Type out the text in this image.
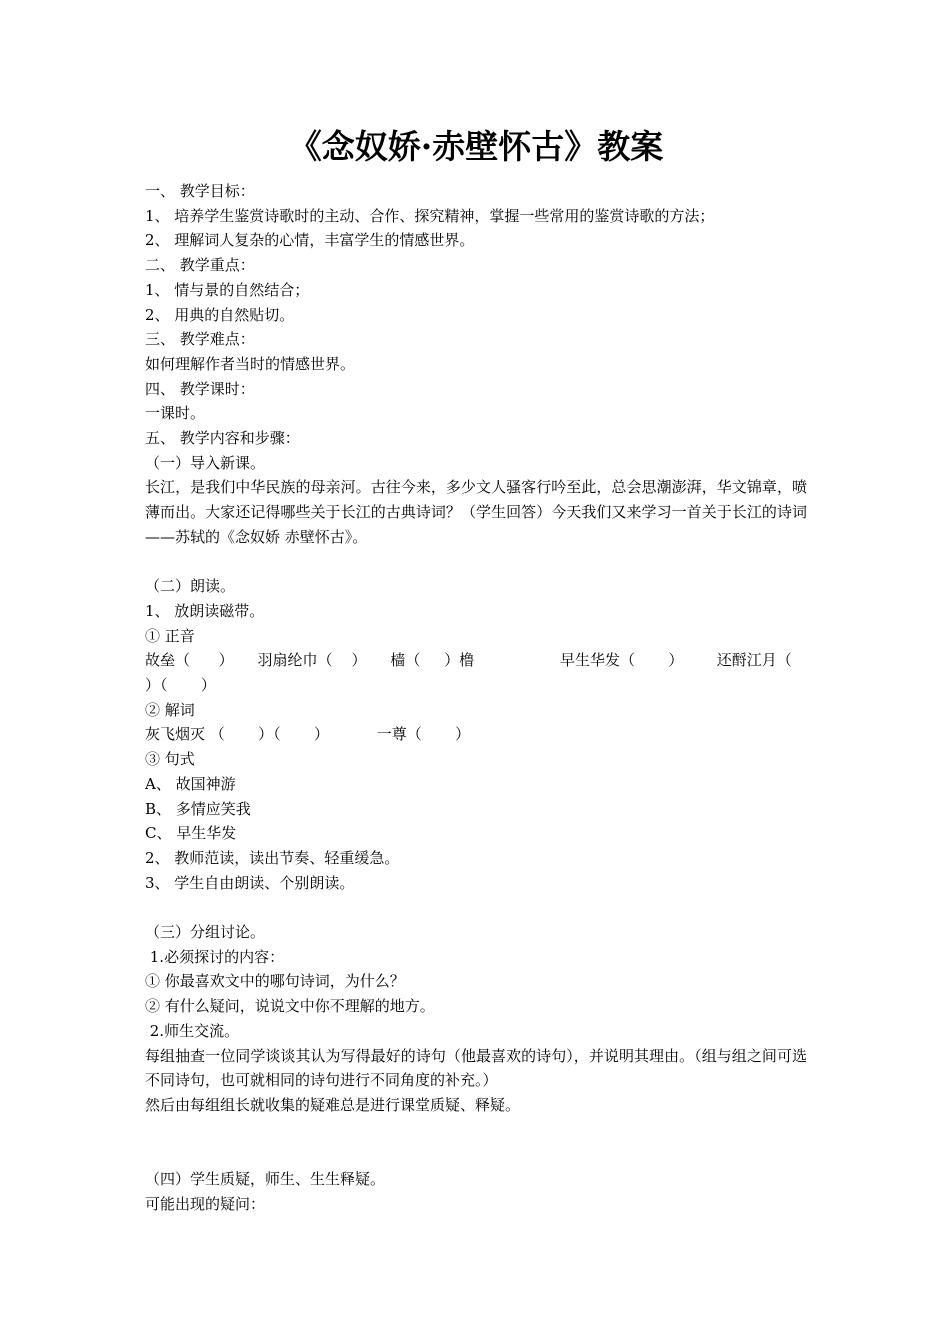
《念奴娇·赤壁怀古》教案
一、 教学目标：
1、 培养学生鉴赏诗歌时的主动、合作、探究精神，掌握一些常用的鉴赏诗歌的方法；
2、 理解词人复杂的心情，丰富学生的情感世界。
二、 教学重点：
1、 情与景的自然结合；
2、 用典的自然贴切。
三、 教学难点：
如何理解作者当时的情感世界。
四、 教学课时：
一课时。
五、 教学内容和步骤：
（一）导入新课。
长江，是我们中华民族的母亲河。古往今来，多少文人骚客行吟至此，总会思潮澎湃，华文锦章，喷薄而出。大家还记得哪些关于长江的古典诗词？（学生回答）今天我们又来学习一首关于长江的诗词——苏轼的《念奴娇 赤壁怀古》。
（二）朗读。
1、 放朗读磁带。
① 正音
故垒（      ）     羽扇纶巾（    ）     樯（     ）橹                  早生华发（       ）       还酹江月（
）（       ）
② 解词
灰飞烟灭 （       ）（       ）          一尊（       ）
③ 句式
A、 故国神游
B、 多情应笑我
C、 早生华发
2、 教师范读，读出节奏、轻重缓急。
3、 学生自由朗读、个别朗读。
（三）分组讨论。
1.必须探讨的内容：
① 你最喜欢文中的哪句诗词，为什么？
② 有什么疑问，说说文中你不理解的地方。
2.师生交流。
每组抽查一位同学谈谈其认为写得最好的诗句（他最喜欢的诗句），并说明其理由。（组与组之间可选不同诗句，也可就相同的诗句进行不同角度的补充。）
然后由每组组长就收集的疑难总是进行课堂质疑、释疑。
（四）学生质疑，师生、生生释疑。
可能出现的疑问：
